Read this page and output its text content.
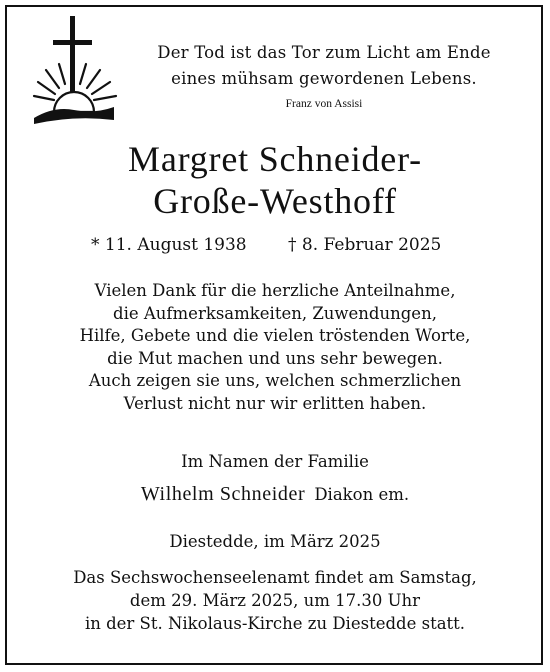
Der Tod ist das Tor zum Licht am Ende
eines mühsam gewordenen Lebens.
Franz von Assisi

Margret Schneider-
Große-Westhoff
* 11. August 1938 † 8. Februar 2025

Vielen Dank für die herzliche Anteilnahme,
die Aufmerksamkeiten, Zuwendungen,
Hilfe, Gebete und die vielen tröstenden Worte,
die Mut machen und uns sehr bewegen.
Auch zeigen sie uns, welchen schmerzlichen
Verlust nicht nur wir erlitten haben.

Im Namen der Familie

Wilhelm Schneider Diakon em.

Diestedde, im März 2025

Das Sechswochenseelenamt findet am Samstag,
dem 29. März 2025, um 17.30 Uhr
in der St. Nikolaus-Kirche zu Diestedde statt.
